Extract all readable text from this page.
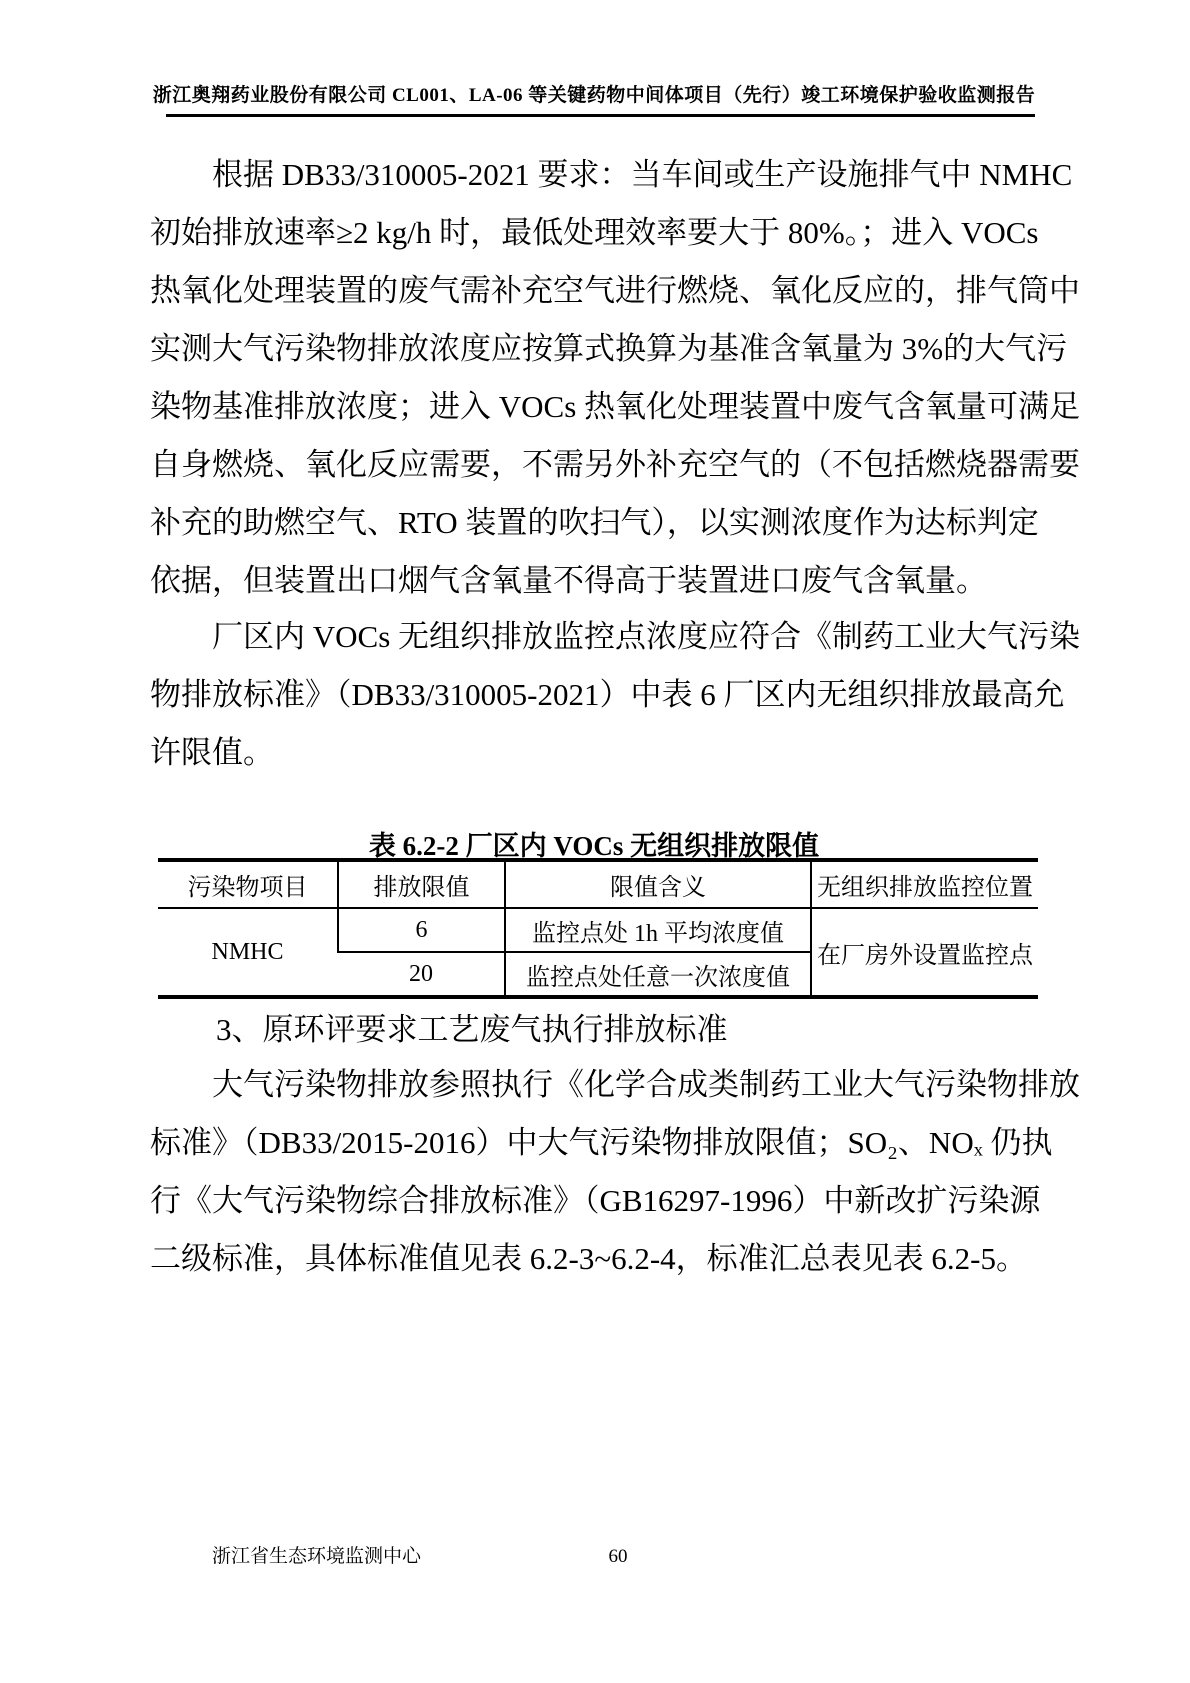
浙江奥翔药业股份有限公司 CL001、LA-06 等关键药物中间体项目（先行）竣工环境保护验收监测报告
根据 DB33/310005-2021 要求：当车间或生产设施排气中 NMHC
初始排放速率≥2 kg/h 时，最低处理效率要大于 80%。；进入 VOCs
热氧化处理装置的废气需补充空气进行燃烧、氧化反应的，排气筒中
实测大气污染物排放浓度应按算式换算为基准含氧量为 3%的大气污
染物基准排放浓度；进入 VOCs 热氧化处理装置中废气含氧量可满足
自身燃烧、氧化反应需要，不需另外补充空气的（不包括燃烧器需要
补充的助燃空气、RTO 装置的吹扫气），以实测浓度作为达标判定
依据，但装置出口烟气含氧量不得高于装置进口废气含氧量。
厂区内 VOCs 无组织排放监控点浓度应符合《制药工业大气污染
物排放标准》（DB33/310005-2021）中表 6 厂区内无组织排放最高允
许限值。
表 6.2-2 厂区内 VOCs 无组织排放限值
污染物项目	排放限值	限值含义	无组织排放监控位置
NMHC	6	监控点处 1h 平均浓度值	在厂房外设置监控点
	20	监控点处任意一次浓度值	
3、原环评要求工艺废气执行排放标准
大气污染物排放参照执行《化学合成类制药工业大气污染物排放
标准》（DB33/2015-2016）中大气污染物排放限值；SO₂、NOₓ 仍执
行《大气污染物综合排放标准》（GB16297-1996）中新改扩污染源
二级标准，具体标准值见表 6.2-3~6.2-4，标准汇总表见表 6.2-5。
浙江省生态环境监测中心	60
